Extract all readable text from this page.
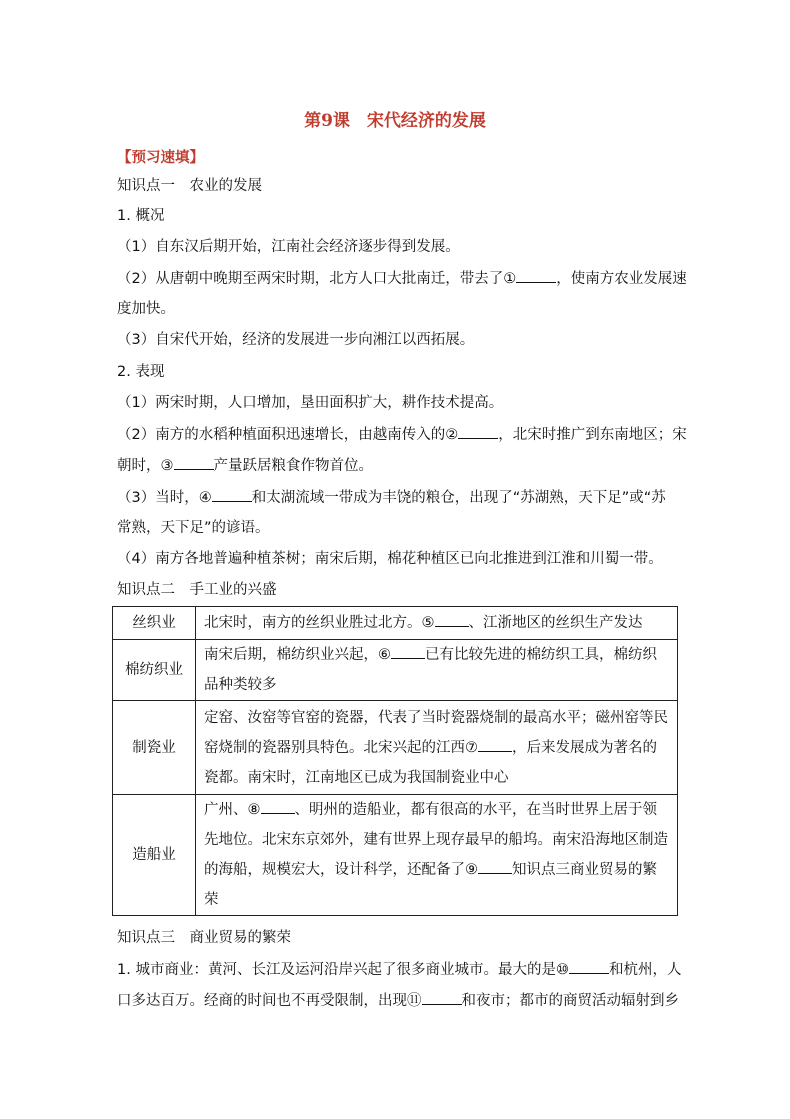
第9课　宋代经济的发展
【预习速填】
知识点一　农业的发展
1. 概况
（1）自东汉后期开始，江南社会经济逐步得到发展。
（2）从唐朝中晚期至两宋时期，北方人口大批南迁，带去了①	，使南方农业发展速
度加快。
（3）自宋代开始，经济的发展进一步向湘江以西拓展。
2. 表现
（1）两宋时期，人口增加，垦田面积扩大，耕作技术提高。
（2）南方的水稻种植面积迅速增长，由越南传入的②	，北宋时推广到东南地区；宋
朝时，③	产量跃居粮食作物首位。
（3）当时，④	和太湖流域一带成为丰饶的粮仓，出现了“苏湖熟，天下足”或“苏
常熟，天下足”的谚语。
（4）南方各地普遍种植茶树；南宋后期，棉花种植区已向北推进到江淮和川蜀一带。
知识点二　手工业的兴盛
丝织业	北宋时，南方的丝织业胜过北方。⑤ 、江浙地区的丝织生产发达
棉纺织业	南宋后期，棉纺织业兴起，⑥ 已有比较先进的棉纺织工具，棉纺织品种类较多
制瓷业	定窑、汝窑等官窑的瓷器，代表了当时瓷器烧制的最高水平；磁州窑等民窑烧制的瓷器别具特色。北宋兴起的江西⑦ ，后来发展成为著名的瓷都。南宋时，江南地区已成为我国制瓷业中心
造船业	广州、⑧ 、明州的造船业，都有很高的水平，在当时世界上居于领先地位。北宋东京郊外，建有世界上现存最早的船坞。南宋沿海地区制造的海船，规模宏大，设计科学，还配备了⑨ 知识点三商业贸易的繁荣
知识点三　商业贸易的繁荣
1. 城市商业：黄河、长江及运河沿岸兴起了很多商业城市。最大的是⑩	和杭州，人
口多达百万。经商的时间也不再受限制，出现⑪	和夜市；都市的商贸活动辐射到乡
